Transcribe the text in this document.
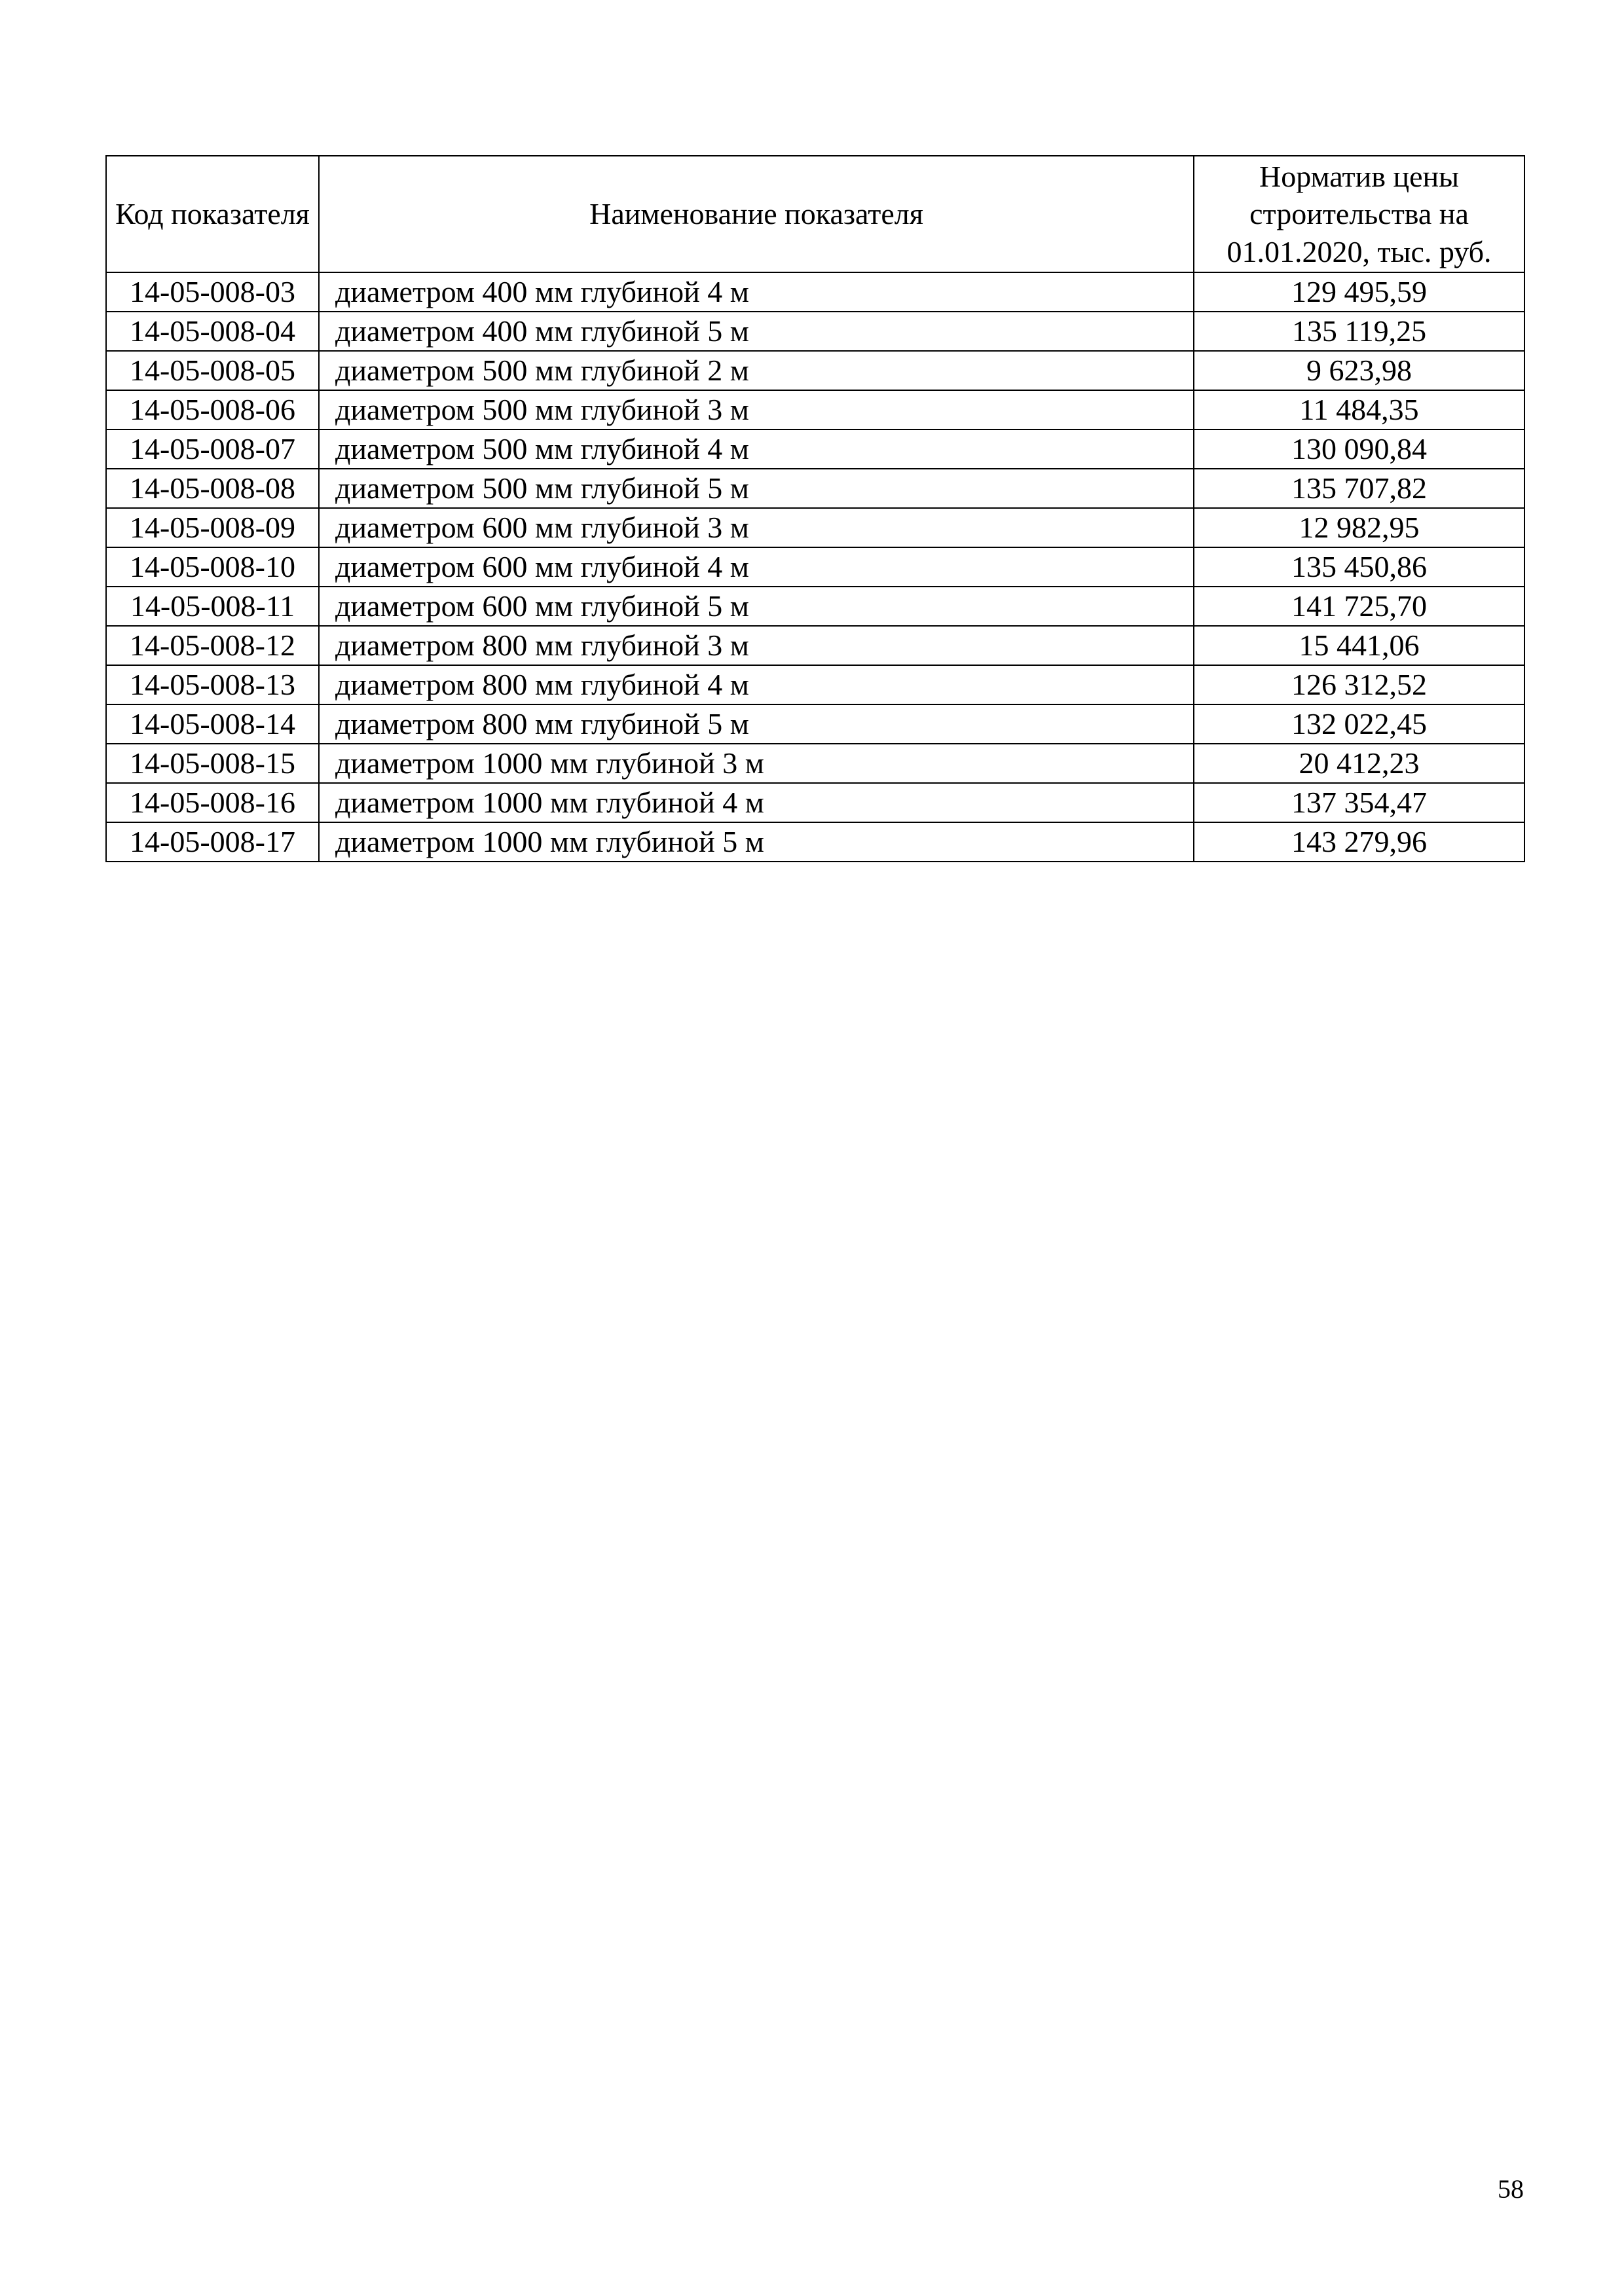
Код показателя	Наименование показателя	Норматив цены строительства на 01.01.2020, тыс. руб.
14-05-008-03	диаметром 400 мм глубиной 4 м	129 495,59
14-05-008-04	диаметром 400 мм глубиной 5 м	135 119,25
14-05-008-05	диаметром 500 мм глубиной 2 м	9 623,98
14-05-008-06	диаметром 500 мм глубиной 3 м	11 484,35
14-05-008-07	диаметром 500 мм глубиной 4 м	130 090,84
14-05-008-08	диаметром 500 мм глубиной 5 м	135 707,82
14-05-008-09	диаметром 600 мм глубиной 3 м	12 982,95
14-05-008-10	диаметром 600 мм глубиной 4 м	135 450,86
14-05-008-11	диаметром 600 мм глубиной 5 м	141 725,70
14-05-008-12	диаметром 800 мм глубиной 3 м	15 441,06
14-05-008-13	диаметром 800 мм глубиной 4 м	126 312,52
14-05-008-14	диаметром 800 мм глубиной 5 м	132 022,45
14-05-008-15	диаметром 1000 мм глубиной 3 м	20 412,23
14-05-008-16	диаметром 1000 мм глубиной 4 м	137 354,47
14-05-008-17	диаметром 1000 мм глубиной 5 м	143 279,96
58
